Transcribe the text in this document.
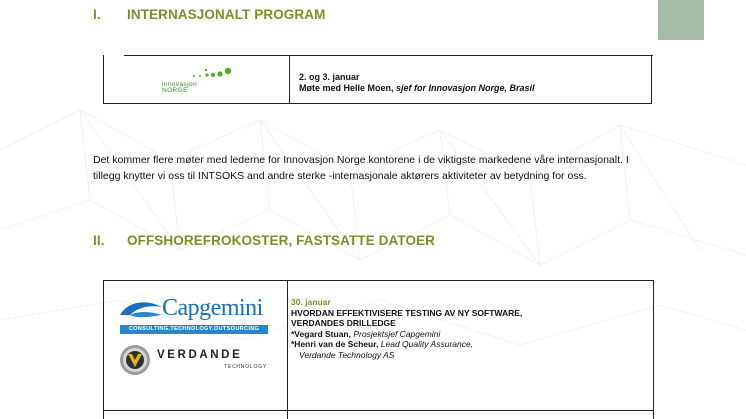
I. INTERNASJONALT PROGRAM
innovasjon
NORGE
2. og 3. januar
Møte med Helle Moen, sjef for Innovasjon Norge, Brasil
Det kommer flere møter med lederne for Innovasjon Norge kontorene i de viktigste markedene våre internasjonalt. I tillegg knytter vi oss til INTSOKS and andre sterke -internasjonale aktørers aktiviteter av betydning for oss.
II. OFFSHOREFROKOSTER, FASTSATTE DATOER
Capgemini
CONSULTING.TECHNOLOGY.OUTSOURCING
VERDANDE
TECHNOLOGY
30. januar
HVORDAN EFFEKTIVISERE TESTING AV NY SOFTWARE,
VERDANDES DRILLEDGE
*Vegard Stuan, Prosjektsjef Capgemini
*Henri van de Scheur, Lead Quality Assurance,
Verdande Technology AS
